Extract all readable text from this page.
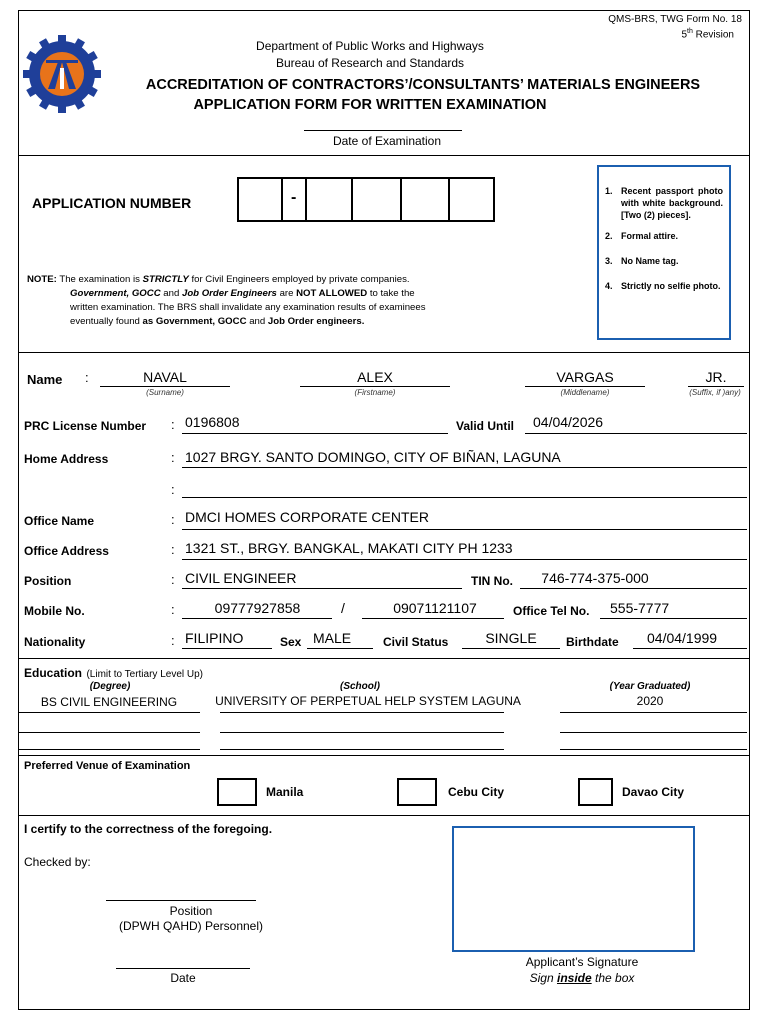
QMS-BRS, TWG Form No. 18
5th Revision
Department of Public Works and Highways
Bureau of Research and Standards
ACCREDITATION OF CONTRACTORS’/CONSULTANTS’ MATERIALS ENGINEERS
APPLICATION FORM FOR WRITTEN EXAMINATION
Date of Examination
APPLICATION NUMBER	-
NOTE: The examination is STRICTLY for Civil Engineers employed by private companies.
Government, GOCC and Job Order Engineers are NOT ALLOWED to take the
written examination. The BRS shall invalidate any examination results of examinees
eventually found as Government, GOCC and Job Order engineers.
1. Recent passport photo with white background. [Two (2) pieces].
2. Formal attire.
3. No Name tag.
4. Strictly no selfie photo.
Name :	NAVAL
(Surname)
ALEX
(Firstname)
VARGAS
(Middlename)
JR.
(Suffix, if )any)
PRC License Number : 0196808	Valid Until 04/04/2026
Home Address	: 1027 BRGY. SANTO DOMINGO, CITY OF BIÑAN, LAGUNA
:
Office Name	: DMCI HOMES CORPORATE CENTER
Office Address	: 1321 ST., BRGY. BANGKAL, MAKATI CITY PH 1233
Position	: CIVIL ENGINEER	TIN No.	746-774-375-000
Mobile No.	:	09777927858	/	09071121107	Office Tel No. 555-7777
Nationality	: FILIPINO	Sex MALE	Civil Status	SINGLE	Birthdate 04/04/1999
Education (Limit to Tertiary Level Up)
(Degree)	(School)	(Year Graduated)
BS CIVIL ENGINEERING	UNIVERSITY OF PERPETUAL HELP SYSTEM LAGUNA	2020
Preferred Venue of Examination
Manila	Cebu City	Davao City
I certify to the correctness of the foregoing.
Checked by:
Position
(DPWH QAHD) Personnel)
Date
Applicant’s Signature
Sign inside the box
